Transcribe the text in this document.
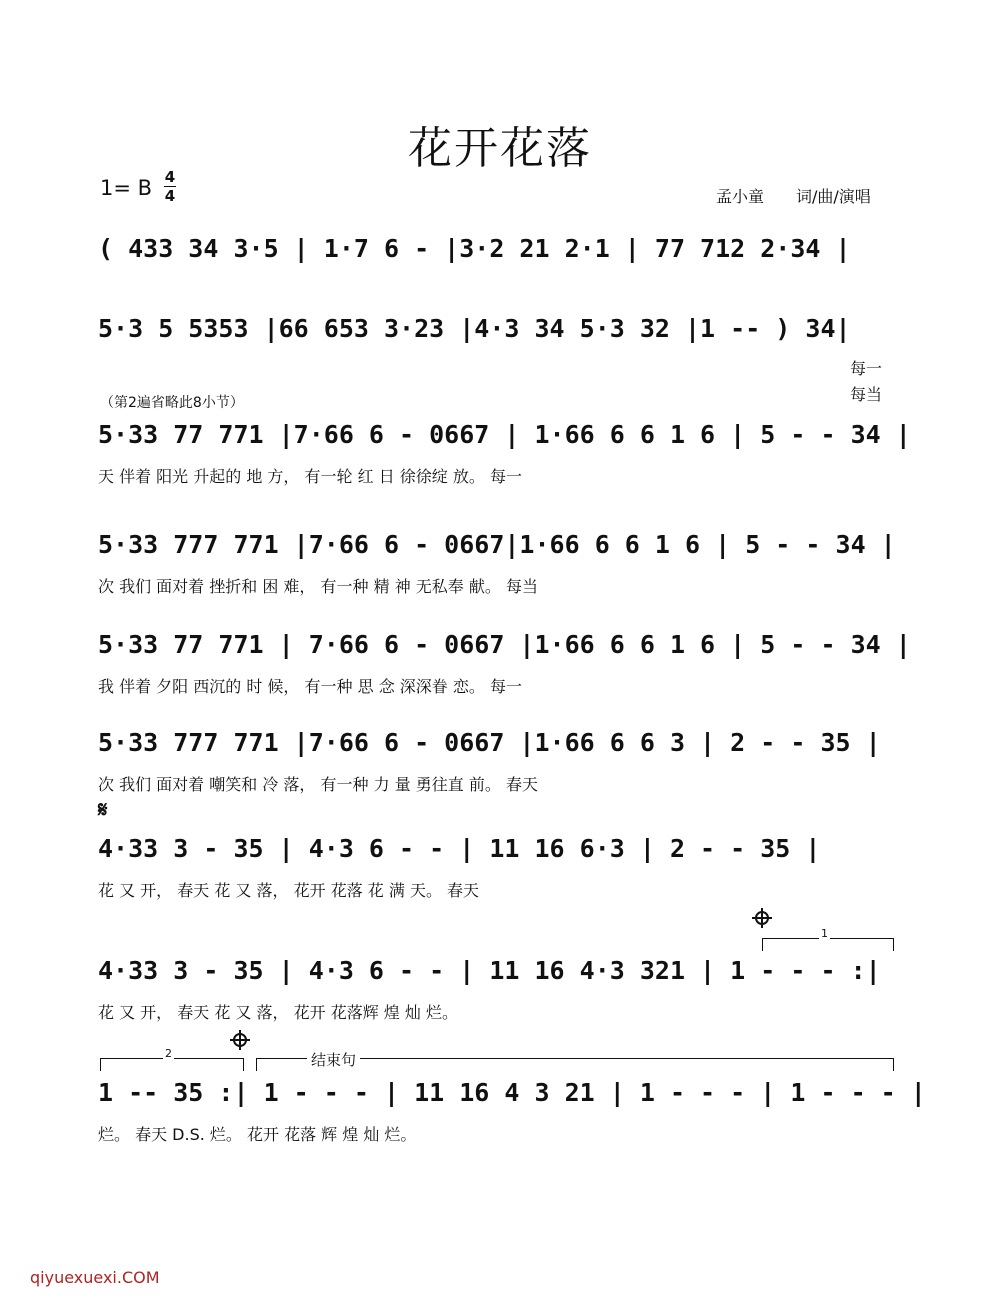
花开花落
1= B 4
4	孟小童 词/曲/演唱
( 433 34 3·5 | 1·7 6 - |3·2 21 2·1 | 77 712 2·34 |
5·3 5 5353 |66 653 3·23 |4·3 34 5·3 32 |1 -- ) 34|
每一
每当
（第2遍省略此8小节）
5·33 77 771 |7·66 6 - 0667 | 1·66 6 6 1 6 | 5 - - 34 |
天 伴着 阳光 升起的 地 方， 有一轮 红 日 徐徐绽 放。 每一
5·33 777 771 |7·66 6 - 0667|1·66 6 6 1 6 | 5 - - 34 |
次 我们 面对着 挫折和 困 难， 有一种 精 神 无私奉 献。 每当
5·33 77 771 | 7·66 6 - 0667 |1·66 6 6 1 6 | 5 - - 34 |
我 伴着 夕阳 西沉的 时 候， 有一种 思 念 深深眷 恋。 每一
5·33 777 771 |7·66 6 - 0667 |1·66 6 6 3 | 2 - - 35 |
次 我们 面对着 嘲笑和 冷 落， 有一种 力 量 勇往直 前。 春天
𝄋
4·33 3 - 35 | 4·3 6 - - | 11 16 6·3 | 2 - - 35 |
花 又 开， 春天 花 又 落， 花开 花落 花 满 天。 春天
1
4·33 3 - 35 | 4·3 6 - - | 11 16 4·3 321 | 1 - - - :|
花 又 开， 春天 花 又 落， 花开 花落辉 煌 灿 烂。
2	结束句
1 -- 35 :| 1 - - - | 11 16 4 3 21 | 1 - - - | 1 - - - |
烂。 春天 D.S. 烂。 花开 花落 辉 煌 灿 烂。
qiyuexuexi.COM
